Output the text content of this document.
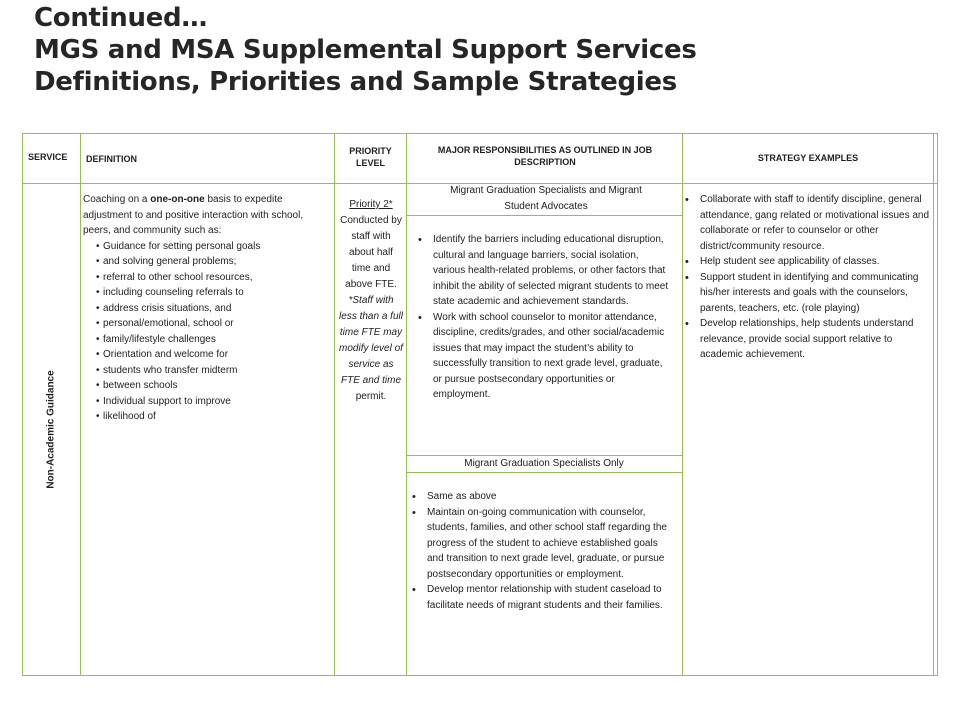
Continued…
MGS and MSA Supplemental Support Services
Definitions, Priorities and Sample Strategies
SERVICE	DEFINITION
PRIORITY LEVEL
MAJOR RESPONSIBILITIES AS OUTLINED IN JOB DESCRIPTION	STRATEGY EXAMPLES
Non-Academic Guidance

Coaching on a one-on-one basis to expedite adjustment to and positive interaction with school, peers, and community such as:

• Guidance for setting personal goals
• and solving general problems;
• referral to other school resources,
• including counseling referrals to
• address crisis situations, and
• personal/emotional, school or
• family/lifestyle challenges
• Orientation and welcome for
• students who transfer midterm
• between schools
• Individual support to improve
• likelihood of
Priority 2*
Conducted by staff with about half time and above FTE.
*Staff with less than a full time FTE may modify level of service as FTE and time
permit.
Migrant Graduation Specialists and Migrant Student Advocates
• Identify the barriers including educational disruption, cultural and language barriers, social isolation, various health-related problems, or other factors that inhibit the ability of selected migrant students to meet state academic and achievement standards.
• Work with school counselor to monitor attendance, discipline, credits/grades, and other social/academic issues that may impact the student’s ability to successfully transition to next grade level, graduate, or pursue postsecondary opportunities or employment.
Migrant Graduation Specialists Only
• Same as above
• Maintain on-going communication with counselor, students, families, and other school staff regarding the progress of the student to achieve established goals and transition to next grade level, graduate, or pursue postsecondary opportunities or employment.
• Develop mentor relationship with student caseload to facilitate needs of migrant students and their families.
• Collaborate with staff to identify discipline, general attendance, gang related or motivational issues and collaborate or refer to counselor or other district/community resource.
• Help student see applicability of classes.
• Support student in identifying and communicating his/her interests and goals with the counselors, parents, teachers, etc. (role playing)
• Develop relationships, help students understand relevance, provide social support relative to academic achievement.
